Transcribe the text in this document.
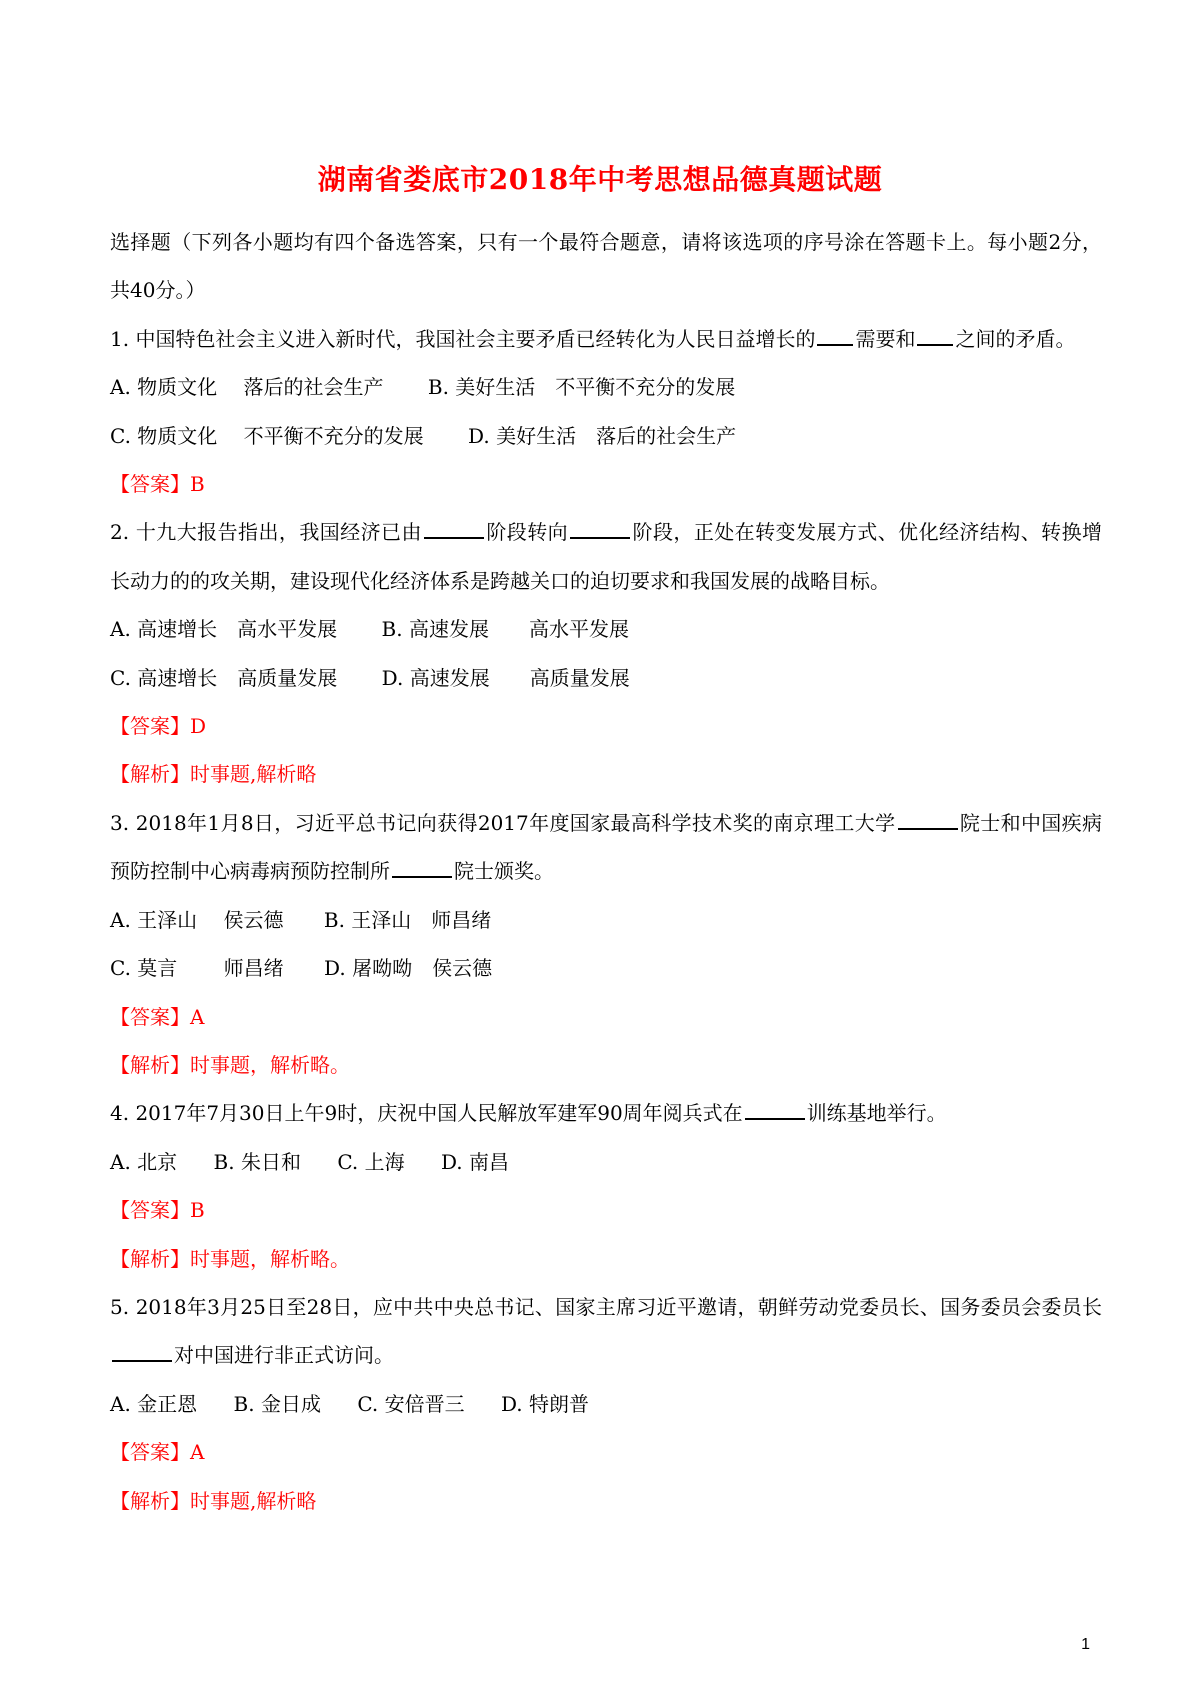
湖南省娄底市2018年中考思想品德真题试题
选择题（下列各小题均有四个备选答案，只有一个最符合题意，请将该选项的序号涂在答题卡上。每小题2分，共40分。）
1. 中国特色社会主义进入新时代，我国社会主要矛盾已经转化为人民日益增长的 需要和 之间的矛盾。
A. 物质文化　 落后的社会生产 B. 美好生活　不平衡不充分的发展
C. 物质文化　 不平衡不充分的发展 D. 美好生活　落后的社会生产
【答案】B
2. 十九大报告指出，我国经济已由	阶段转向	阶段，正处在转变发展方式、优化经济结构、转换增长动力的的攻关期，建设现代化经济体系是跨越关口的迫切要求和我国发展的战略目标。
A. 高速增长　高水平发展 B. 高速发展　　高水平发展
C. 高速增长　高质量发展 D. 高速发展　　高质量发展
【答案】D
【解析】时事题,解析略
3. 2018年1月8日，习近平总书记向获得2017年度国家最高科学技术奖的南京理工大学	院士和中国疾病预防控制中心病毒病预防控制所	院士颁奖。
A. 王泽山　 侯云德 B. 王泽山　师昌绪
C. 莫言　　 师昌绪 D. 屠呦呦　侯云德
【答案】A
【解析】时事题，解析略。
4. 2017年7月30日上午9时，庆祝中国人民解放军建军90周年阅兵式在	训练基地举行。
A. 北京 B. 朱日和 C. 上海 D. 南昌
【答案】B
【解析】时事题，解析略。
5. 2018年3月25日至28日，应中共中央总书记、国家主席习近平邀请，朝鲜劳动党委员长、国务委员会委员长对中国进行非正式访问。
A. 金正恩 B. 金日成 C. 安倍晋三 D. 特朗普
【答案】A
【解析】时事题,解析略
1
